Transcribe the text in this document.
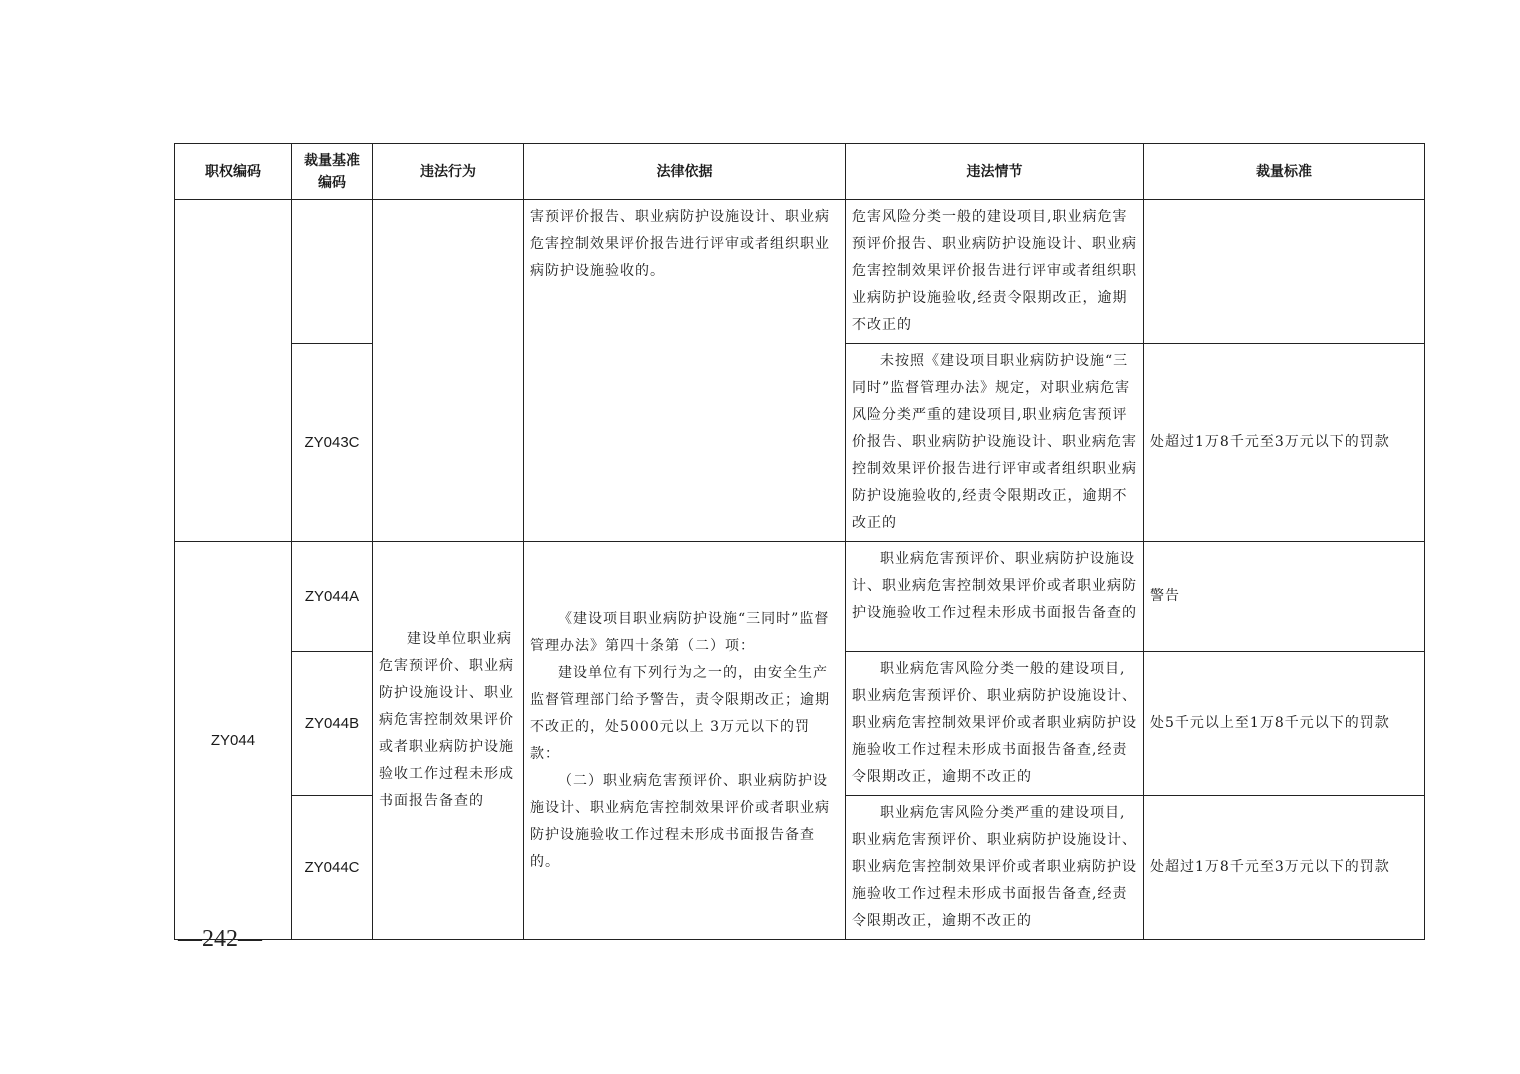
职权编码	裁量基准编码	违法行为	法律依据	违法情节	裁量标准
			害预评价报告、职业病防护设施设计、职业病危害控制效果评价报告进行评审或者组织职业病防护设施验收的。	危害风险分类一般的建设项目,职业病危害预评价报告、职业病防护设施设计、职业病危害控制效果评价报告进行评审或者组织职业病防护设施验收,经责令限期改正，逾期不改正的	
	ZY043C			未按照《建设项目职业病防护设施“三同时”监督管理办法》规定，对职业病危害风险分类严重的建设项目,职业病危害预评价报告、职业病防护设施设计、职业病危害控制效果评价报告进行评审或者组织职业病防护设施验收的,经责令限期改正，逾期不改正的	处超过1万8千元至3万元以下的罚款
ZY044	ZY044A	建设单位职业病危害预评价、职业病防护设施设计、职业病危害控制效果评价或者职业病防护设施验收工作过程未形成书面报告备查的	《建设项目职业病防护设施“三同时”监督管理办法》第四十条第（二）项：
建设单位有下列行为之一的，由安全生产监督管理部门给予警告，责令限期改正；逾期不改正的，处5000元以上 3万元以下的罚款：
（二）职业病危害预评价、职业病防护设施设计、职业病危害控制效果评价或者职业病防护设施验收工作过程未形成书面报告备查的。	职业病危害预评价、职业病防护设施设计、职业病危害控制效果评价或者职业病防护设施验收工作过程未形成书面报告备查的	警告
	ZY044B			职业病危害风险分类一般的建设项目,职业病危害预评价、职业病防护设施设计、职业病危害控制效果评价或者职业病防护设施验收工作过程未形成书面报告备查,经责令限期改正，逾期不改正的	处5千元以上至1万8千元以下的罚款
	ZY044C			职业病危害风险分类严重的建设项目,职业病危害预评价、职业病防护设施设计、职业病危害控制效果评价或者职业病防护设施验收工作过程未形成书面报告备查,经责令限期改正，逾期不改正的	处超过1万8千元至3万元以下的罚款
—242—
